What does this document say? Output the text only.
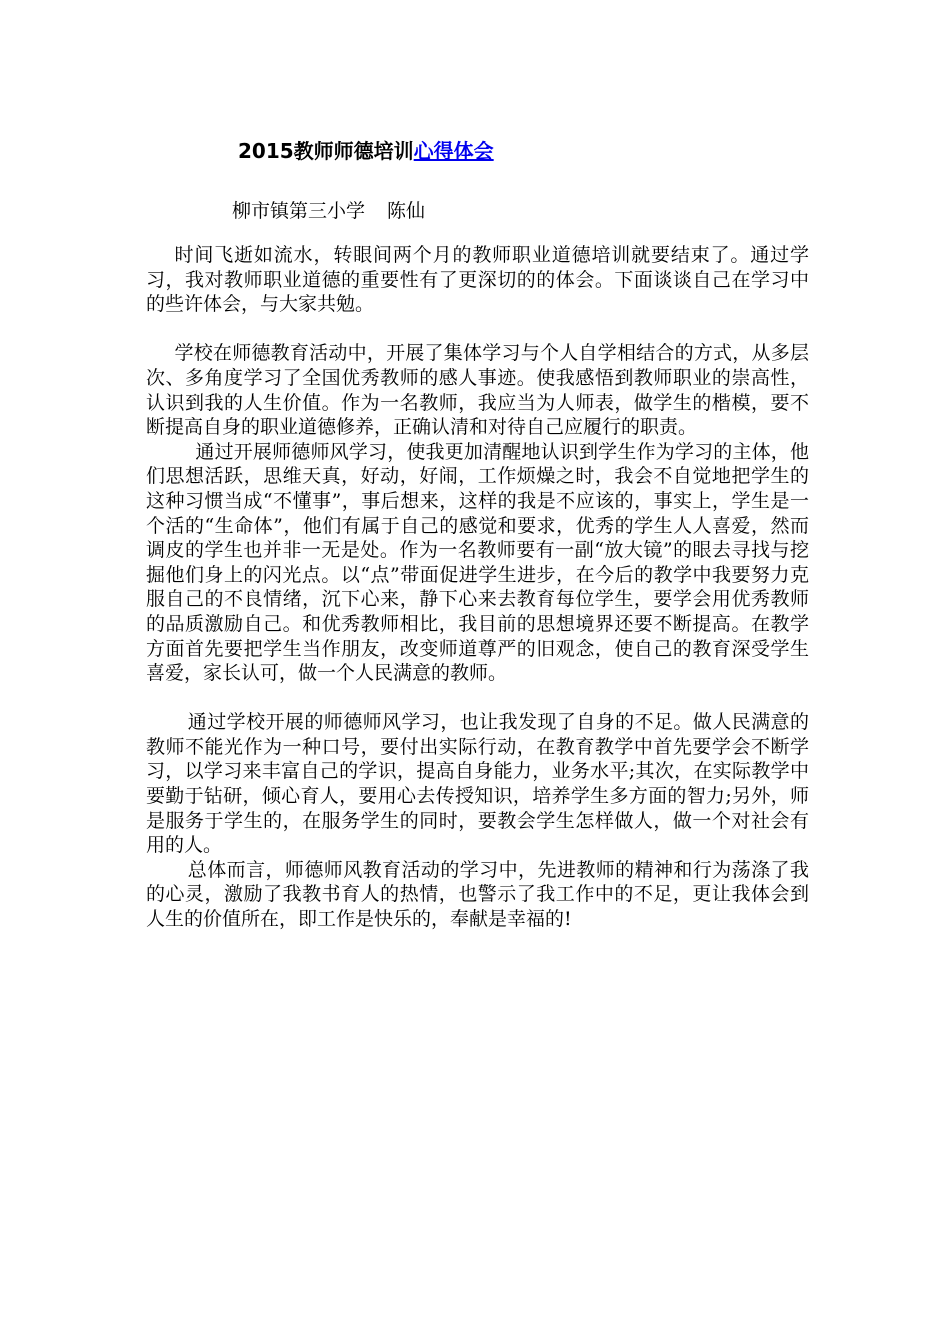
2015教师师德培训心得体会
柳市镇第三小学 陈仙

时间飞逝如流水，转眼间两个月的教师职业道德培训就要结束了。通过学习，我对教师职业道德的重要性有了更深切的的体会。下面谈谈自己在学习中的些许体会，与大家共勉。

学校在师德教育活动中，开展了集体学习与个人自学相结合的方式，从多层次、多角度学习了全国优秀教师的感人事迹。使我感悟到教师职业的崇高性，认识到我的人生价值。作为一名教师，我应当为人师表，做学生的楷模，要不断提高自身的职业道德修养，正确认清和对待自己应履行的职责。

通过开展师德师风学习，使我更加清醒地认识到学生作为学习的主体，他们思想活跃，思维天真，好动，好闹，工作烦燥之时，我会不自觉地把学生的这种习惯当成“不懂事”，事后想来，这样的我是不应该的，事实上，学生是一个活的“生命体”，他们有属于自己的感觉和要求，优秀的学生人人喜爱，然而调皮的学生也并非一无是处。作为一名教师要有一副“放大镜”的眼去寻找与挖掘他们身上的闪光点。以“点”带面促进学生进步，在今后的教学中我要努力克服自己的不良情绪，沉下心来，静下心来去教育每位学生，要学会用优秀教师的品质激励自己。和优秀教师相比，我目前的思想境界还要不断提高。在教学方面首先要把学生当作朋友，改变师道尊严的旧观念，使自己的教育深受学生喜爱，家长认可，做一个人民满意的教师。

通过学校开展的师德师风学习，也让我发现了自身的不足。做人民满意的教师不能光作为一种口号，要付出实际行动，在教育教学中首先要学会不断学习，以学习来丰富自己的学识，提高自身能力，业务水平;其次，在实际教学中要勤于钻研，倾心育人，要用心去传授知识，培养学生多方面的智力;另外，师是服务于学生的，在服务学生的同时，要教会学生怎样做人，做一个对社会有用的人。

总体而言，师德师风教育活动的学习中，先进教师的精神和行为荡涤了我的心灵，激励了我教书育人的热情，也警示了我工作中的不足，更让我体会到人生的价值所在，即工作是快乐的，奉献是幸福的!
